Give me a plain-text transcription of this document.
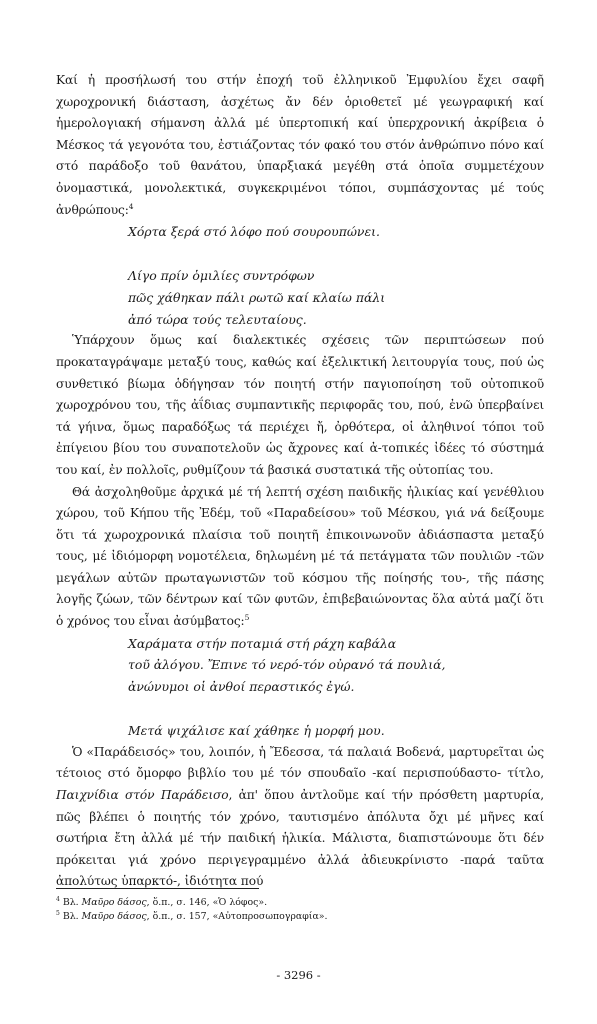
Καί ἡ προσήλωσή του στήν ἐποχή τοῦ ἐλληνικοῦ Ἐμφυλίου ἔχει σαφῆ χωροχρονική διάσταση, ἀσχέτως ἄν δέν ὁριοθετεῖ μέ γεωγραφική καί ἡμερολογιακή σήμανση ἀλλά μέ ὑπερτοπική καί ὑπερχρονική ἀκρίβεια ὁ Μέσκος τά γεγονότα του, ἐστιάζοντας τόν φακό του στόν ἀνθρώπινο πόνο καί στό παράδοξο τοῦ θανάτου, ὑπαρξιακά μεγέθη στά ὁποῖα συμμετέχουν ὀνομαστικά, μονολεκτικά, συγκεκριμένοι τόποι, συμπάσχοντας μέ τούς ἀνθρώπους:$^4$

Χόρτα ξερά στό λόφο πού σουρουπώνει.
Λίγο πρίν ὁμιλίες συντρόφων
πῶς χάθηκαν πάλι ρωτῶ καί κλαίω πάλι
ἀπό τώρα τούς τελευταίους.

Ὑπάρχουν ὅμως καί διαλεκτικές σχέσεις τῶν περιπτώσεων πού προκαταγράψαμε μεταξύ τους, καθώς καί ἐξελικτική λειτουργία τους, πού ὡς συνθετικό βίωμα ὁδήγησαν τόν ποιητή στήν παγιοποίηση τοῦ οὐτοπικοῦ χωροχρόνου του, τῆς ἀΐδιας συμπαντικῆς περιφορᾶς του, πού, ἐνῶ ὑπερβαίνει τά γήινα, ὅμως παραδόξως τά περιέχει ἤ, ὀρθότερα, οἱ ἀληθινοί τόποι τοῦ ἐπίγειου βίου του συναποτελοῦν ὡς ἄχρονες καί ἀ-τοπικές ἰδέες τό σύστημά του καί, ἐν πολλοῖς, ρυθμίζουν τά βασικά συστατικά τῆς οὐτοπίας του.

Θά ἀσχοληθοῦμε ἀρχικά μέ τή λεπτή σχέση παιδικῆς ἡλικίας καί γενέθλιου χώρου, τοῦ Κήπου τῆς Ἐδέμ, τοῦ «Παραδείσου» τοῦ Μέσκου, γιά νά δείξουμε ὅτι τά χωροχρονικά πλαίσια τοῦ ποιητῆ ἐπικοινωνοῦν ἀδιάσπαστα μεταξύ τους, μέ ἰδιόμορφη νομοτέλεια, δηλωμένη μέ τά πετάγματα τῶν πουλιῶν -τῶν μεγάλων αὐτῶν πρωταγωνιστῶν τοῦ κόσμου τῆς ποίησής του-, τῆς πάσης λογῆς ζώων, τῶν δέντρων καί τῶν φυτῶν, ἐπιβεβαιώνοντας ὅλα αὐτά μαζί ὅτι ὁ χρόνος του εἶναι ἀσύμβατος:$^5$

Χαράματα στήν ποταμιά στή ράχη καβάλα
τοῦ ἀλόγου. Ἔπινε τό νερό-τόν οὐρανό τά πουλιά,
ἀνώνυμοι οἱ ἀνθοί περαστικός ἐγώ.
Μετά ψιχάλισε καί χάθηκε ἡ μορφή μου.

Ὁ «Παράδεισός» του, λοιπόν, ἡ Ἔδεσσα, τά παλαιά Βοδενά, μαρτυρεῖται ὡς τέτοιος στό ὄμορφο βιβλίο του μέ τόν σπουδαῖο -καί περισπούδαστο- τίτλο, Παιχνίδια στόν Παράδεισο, ἀπ' ὅπου ἀντλοῦμε καί τήν πρόσθετη μαρτυρία, πῶς βλέπει ὁ ποιητής τόν χρόνο, ταυτισμένο ἀπόλυτα ὄχι μέ μῆνες καί σωτήρια ἔτη ἀλλά μέ τήν παιδική ἡλικία. Μάλιστα, διαπιστώνουμε ὅτι δέν πρόκειται γιά χρόνο περιγεγραμμένο ἀλλά ἀδιευκρίνιστο -παρά ταῦτα ἀπολύτως ὑπαρκτό-, ἰδιότητα πού

$^4$ Βλ. Μαῦρο δάσος, ὅ.π., σ. 146, «Ὁ λόφος».
$^5$ Βλ. Μαῦρο δάσος, ὅ.π., σ. 157, «Αὐτοπροσωπογραφία».
- 3296 -
